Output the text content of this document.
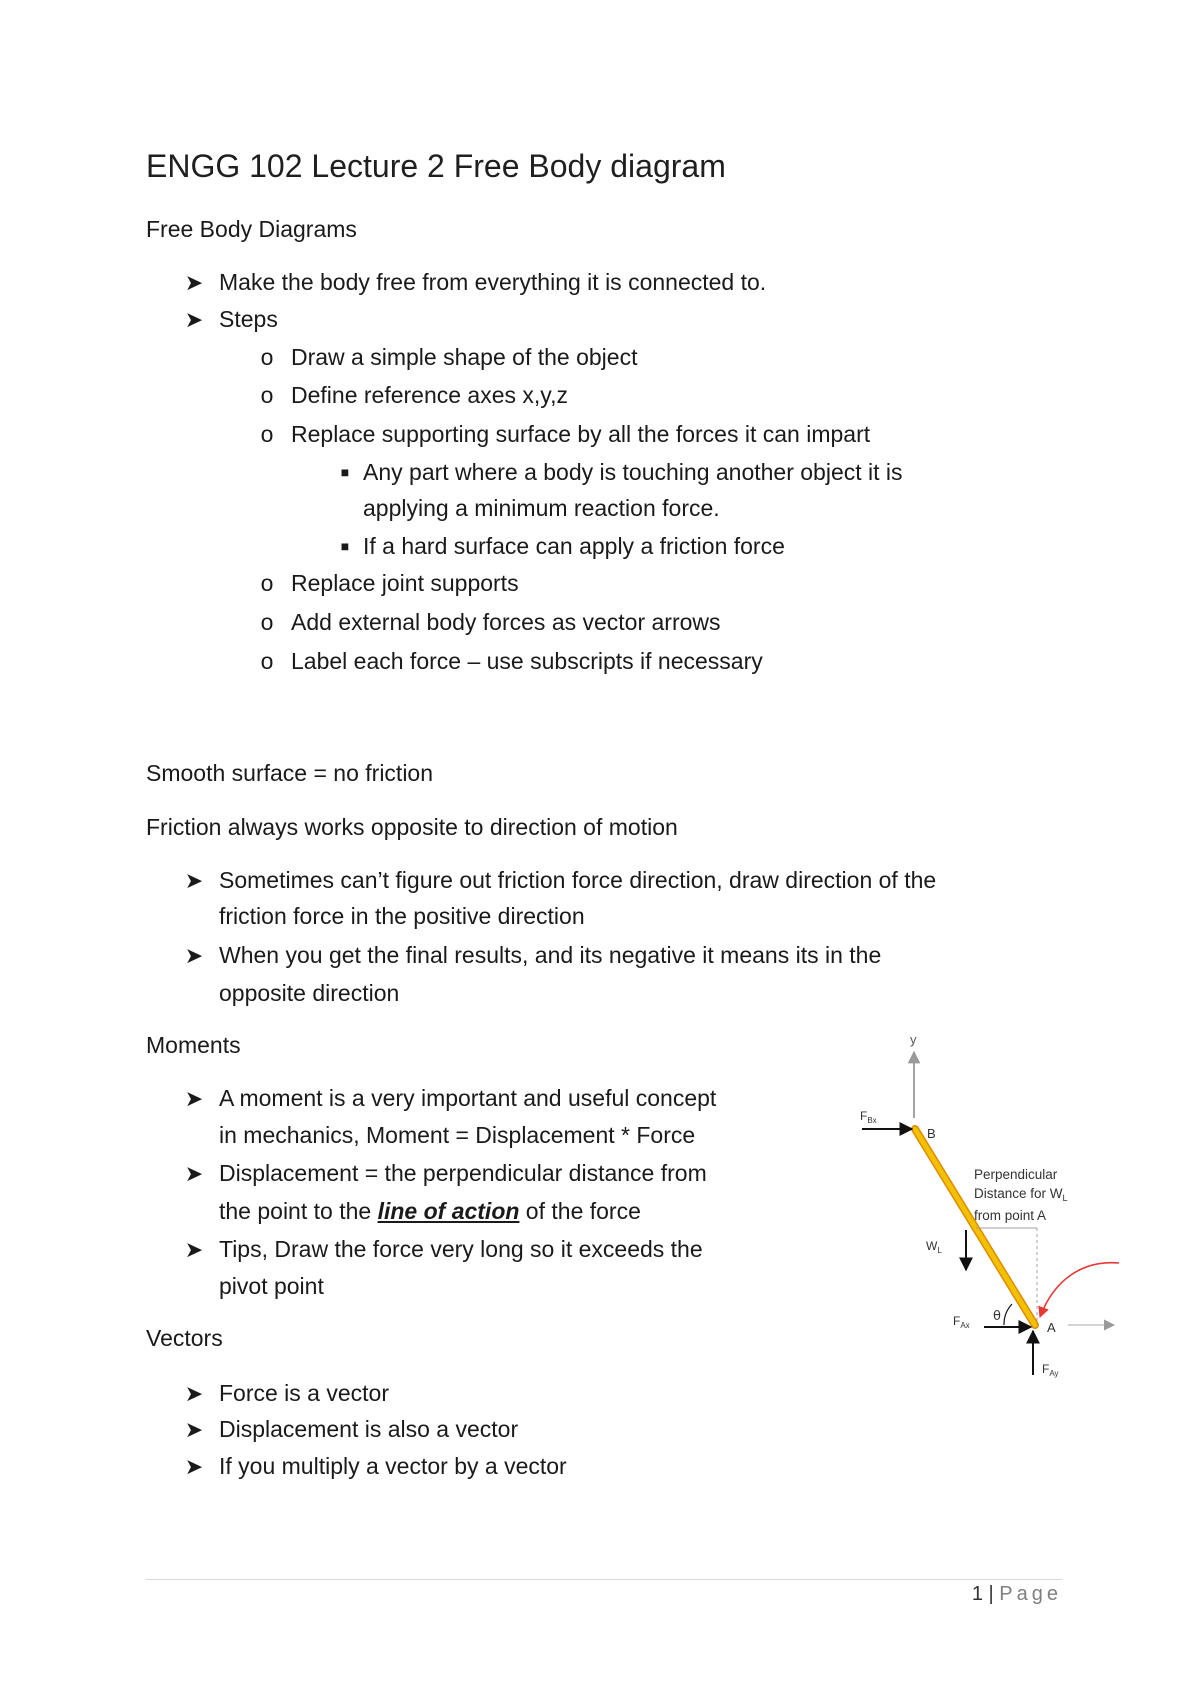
ENGG 102 Lecture 2 Free Body diagram

Free Body Diagrams

➤ Make the body free from everything it is connected to.
➤ Steps
o Draw a simple shape of the object
o Define reference axes x,y,z
o Replace supporting surface by all the forces it can impart
■ Any part where a body is touching another object it is
applying a minimum reaction force.
■ If a hard surface can apply a friction force
o Replace joint supports
o Add external body forces as vector arrows
o Label each force – use subscripts if necessary

Smooth surface = no friction

Friction always works opposite to direction of motion

➤ Sometimes can’t figure out friction force direction, draw direction of the
friction force in the positive direction
➤ When you get the final results, and its negative it means its in the
opposite direction

Moments

➤ A moment is a very important and useful concept
in mechanics, Moment = Displacement * Force
➤ Displacement = the perpendicular distance from
the point to the line of action of the force
➤ Tips, Draw the force very long so it exceeds the
pivot point

Vectors

➤ Force is a vector
➤ Displacement is also a vector
➤ If you multiply a vector by a vector
y
$F_{Bx}$
B
Perpendicular Distance for $W_L$ from point A
$W_L$
θ
$F_{Ax}$	A
$F_{Ay}$
1 | Page
